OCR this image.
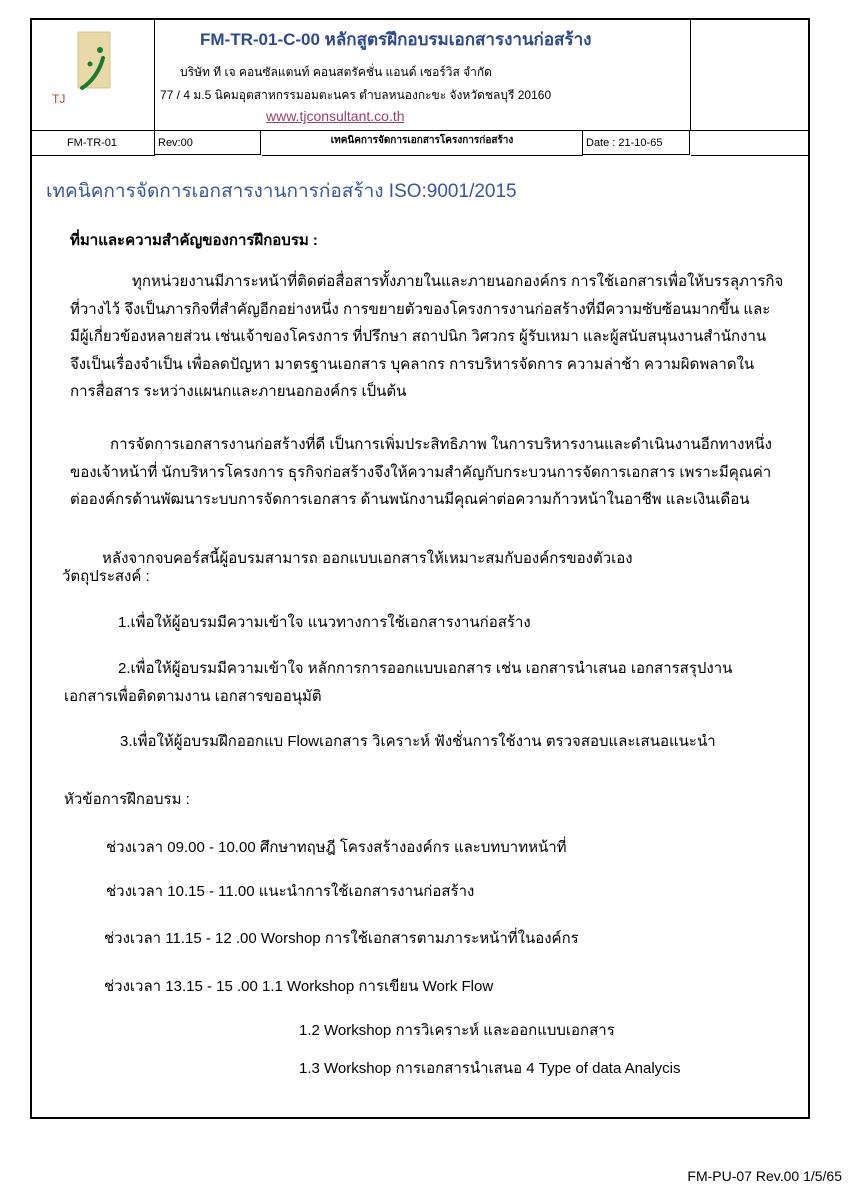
TJ
FM-TR-01-C-00 หลักสูตรฝึกอบรมเอกสารงานก่อสร้าง
บริษัท ที เจ คอนซัลแตนท์ คอนสตรัคชั่น แอนด์ เซอร์วิส จำกัด
77 / 4 ม.5 นิคมอุตสาหกรรมอมตะนคร ตำบลหนองกะขะ จังหวัดชลบุรี 20160
www.tjconsultant.co.th
FM-TR-01	Rev:00	เทคนิคการจัดการเอกสารโครงการก่อสร้าง	Date : 21-10-65
เทคนิคการจัดการเอกสารงานการก่อสร้าง ISO:9001/2015
ที่มาและความสำคัญของการฝึกอบรม :
ทุกหน่วยงานมีภาระหน้าที่ติดต่อสื่อสารทั้งภายในและภายนอกองค์กร การใช้เอกสารเพื่อให้บรรลุภารกิจ
ที่วางไว้ จึงเป็นภารกิจที่สำคัญอีกอย่างหนึ่ง การขยายตัวของโครงการงานก่อสร้างที่มีความซับซ้อนมากขึ้น และ
มีผู้เกี่ยวข้องหลายส่วน เช่นเจ้าของโครงการ ที่ปรึกษา สถาปนิก วิศวกร ผู้รับเหมา และผู้สนับสนุนงานสำนักงาน
จึงเป็นเรื่องจำเป็น เพื่อลดปัญหา มาตรฐานเอกสาร บุคลากร การบริหารจัดการ ความล่าช้า ความผิดพลาดใน
การสื่อสาร ระหว่างแผนกและภายนอกองค์กร เป็นต้น
การจัดการเอกสารงานก่อสร้างที่ดี เป็นการเพิ่มประสิทธิภาพ ในการบริหารงานและดำเนินงานอีกทางหนึ่ง
ของเจ้าหน้าที่ นักบริหารโครงการ ธุรกิจก่อสร้างจึงให้ความสำคัญกับกระบวนการจัดการเอกสาร เพราะมีคุณค่า
ต่อองค์กรด้านพัฒนาระบบการจัดการเอกสาร ด้านพนักงานมีคุณค่าต่อความก้าวหน้าในอาชีพ และเงินเดือน
หลังจากจบคอร์สนี้ผู้อบรมสามารถ ออกแบบเอกสารให้เหมาะสมกับองค์กรของตัวเอง
วัตถุประสงค์ :
1.เพื่อให้ผู้อบรมมีความเข้าใจ แนวทางการใช้เอกสารงานก่อสร้าง
2.เพื่อให้ผู้อบรมมีความเข้าใจ หลักการการออกแบบเอกสาร เช่น เอกสารนำเสนอ เอกสารสรุปงาน
เอกสารเพื่อติดตามงาน เอกสารขออนุมัติ
3.เพื่อให้ผู้อบรมฝึกออกแบ Flowเอกสาร วิเคราะห์ ฟังชั่นการใช้งาน ตรวจสอบและเสนอแนะนำ
หัวข้อการฝึกอบรม :
ช่วงเวลา 09.00 - 10.00 ศึกษาทฤษฎี โครงสร้างองค์กร และบทบาทหน้าที่
ช่วงเวลา 10.15 - 11.00 แนะนำการใช้เอกสารงานก่อสร้าง
ช่วงเวลา 11.15 - 12 .00 Worshop การใช้เอกสารตามภาระหน้าที่ในองค์กร
ช่วงเวลา 13.15 - 15 .00 1.1 Workshop การเขียน Work Flow
1.2 Workshop การวิเคราะห์ และออกแบบเอกสาร
1.3 Workshop การเอกสารนำเสนอ 4 Type of data Analycis
FM-PU-07 Rev.00 1/5/65
